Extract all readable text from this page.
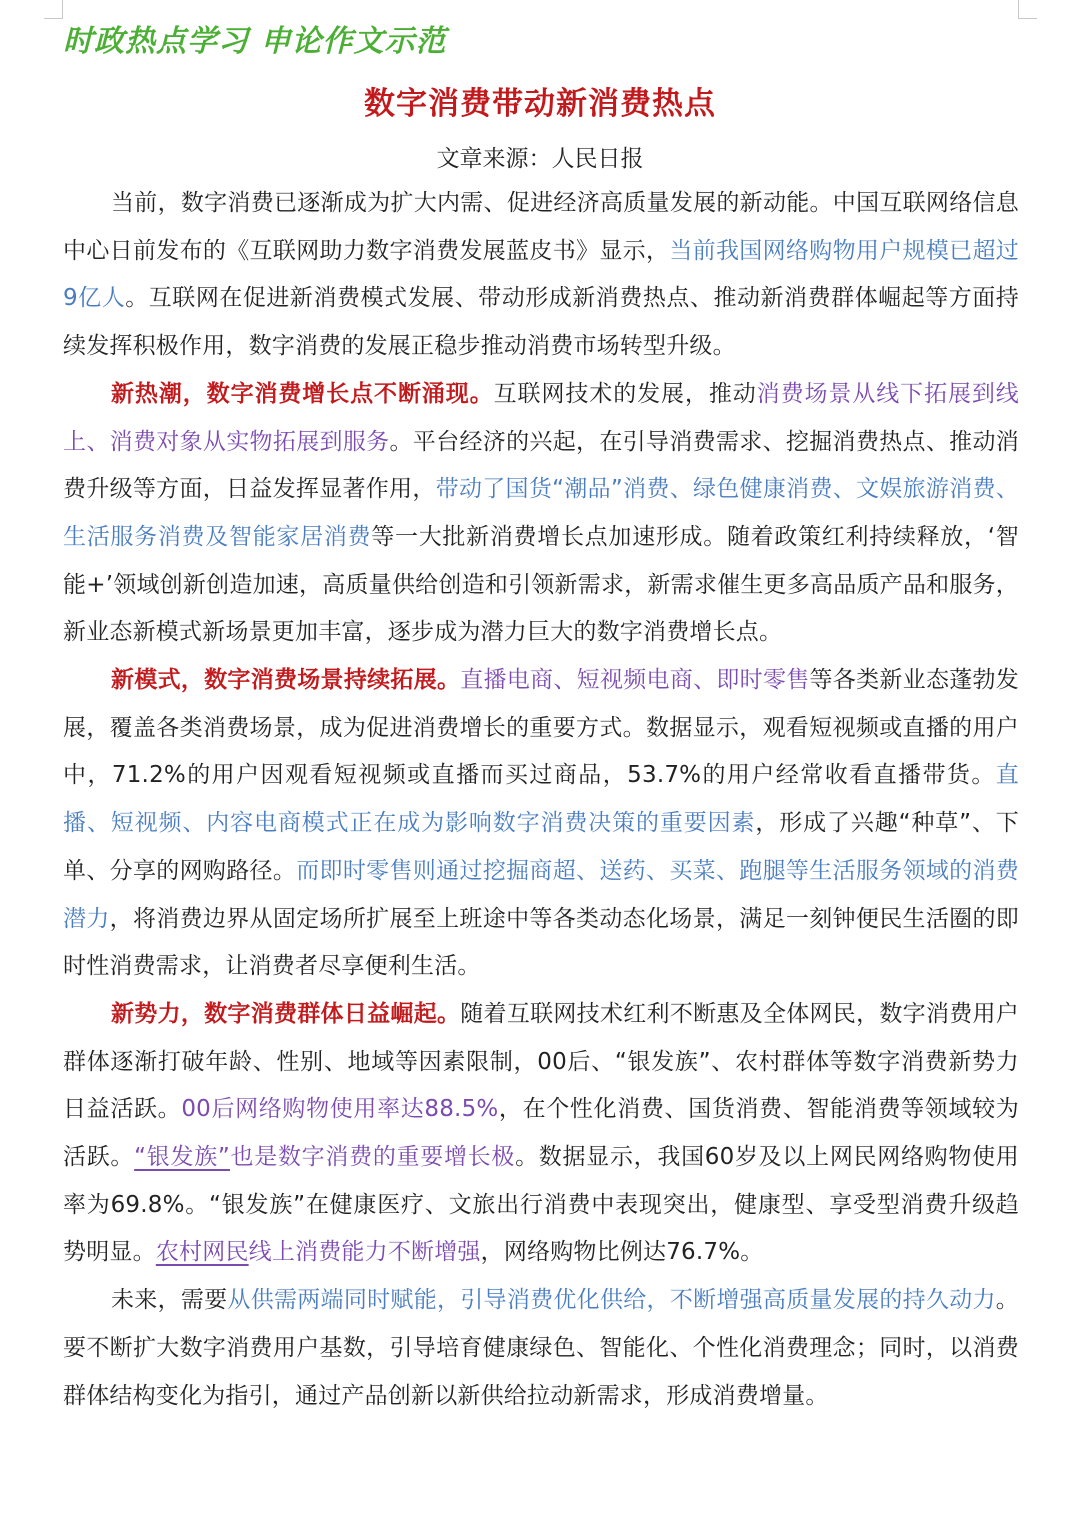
时政热点学习 申论作文示范
数字消费带动新消费热点
文章来源：人民日报

当前，数字消费已逐渐成为扩大内需、促进经济高质量发展的新动能。中国互联网络信息中心日前发布的《互联网助力数字消费发展蓝皮书》显示，当前我国网络购物用户规模已超过9亿人。互联网在促进新消费模式发展、带动形成新消费热点、推动新消费群体崛起等方面持续发挥积极作用，数字消费的发展正稳步推动消费市场转型升级。

新热潮，数字消费增长点不断涌现。互联网技术的发展，推动消费场景从线下拓展到线上、消费对象从实物拓展到服务。平台经济的兴起，在引导消费需求、挖掘消费热点、推动消费升级等方面，日益发挥显著作用，带动了国货“潮品”消费、绿色健康消费、文娱旅游消费、生活服务消费及智能家居消费等一大批新消费增长点加速形成。随着政策红利持续释放，‘智能+’领域创新创造加速，高质量供给创造和引领新需求，新需求催生更多高品质产品和服务，新业态新模式新场景更加丰富，逐步成为潜力巨大的数字消费增长点。

新模式，数字消费场景持续拓展。直播电商、短视频电商、即时零售等各类新业态蓬勃发展，覆盖各类消费场景，成为促进消费增长的重要方式。数据显示，观看短视频或直播的用户中，71.2%的用户因观看短视频或直播而买过商品，53.7%的用户经常收看直播带货。直播、短视频、内容电商模式正在成为影响数字消费决策的重要因素，形成了兴趣“种草”、下单、分享的网购路径。而即时零售则通过挖掘商超、送药、买菜、跑腿等生活服务领域的消费潜力，将消费边界从固定场所扩展至上班途中等各类动态化场景，满足一刻钟便民生活圈的即时性消费需求，让消费者尽享便利生活。

新势力，数字消费群体日益崛起。随着互联网技术红利不断惠及全体网民，数字消费用户群体逐渐打破年龄、性别、地域等因素限制，00后、“银发族”、农村群体等数字消费新势力日益活跃。00后网络购物使用率达88.5%，在个性化消费、国货消费、智能消费等领域较为活跃。“银发族”也是数字消费的重要增长极。数据显示，我国60岁及以上网民网络购物使用率为69.8%。“银发族”在健康医疗、文旅出行消费中表现突出，健康型、享受型消费升级趋势明显。农村网民线上消费能力不断增强，网络购物比例达76.7%。

未来，需要从供需两端同时赋能，引导消费优化供给，不断增强高质量发展的持久动力。要不断扩大数字消费用户基数，引导培育健康绿色、智能化、个性化消费理念；同时，以消费群体结构变化为指引，通过产品创新以新供给拉动新需求，形成消费增量。
